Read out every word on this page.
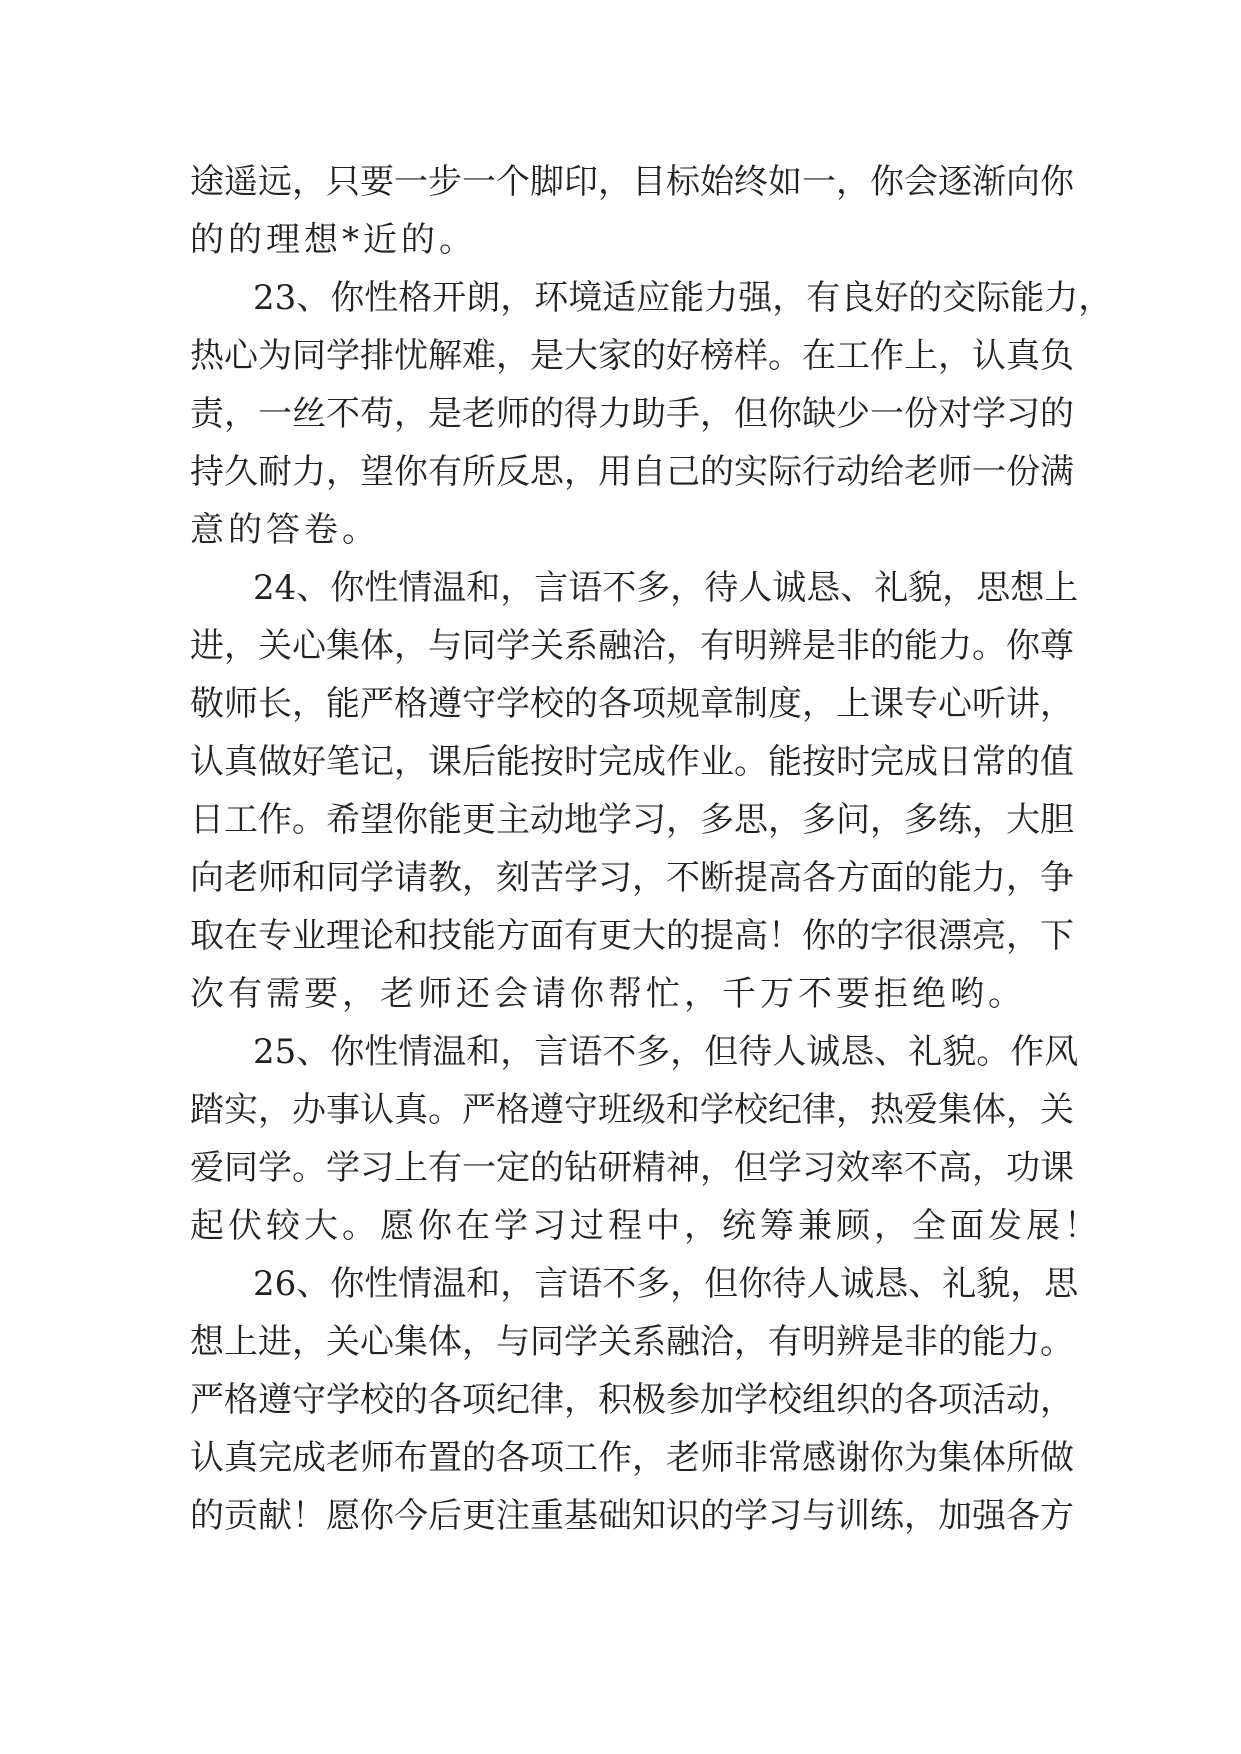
途遥远，只要一步一个脚印，目标始终如一，你会逐渐向你
的的理想*近的。
23、你性格开朗，环境适应能力强，有良好的交际能力，
热心为同学排忧解难，是大家的好榜样。在工作上，认真负
责，一丝不苟，是老师的得力助手，但你缺少一份对学习的
持久耐力，望你有所反思，用自己的实际行动给老师一份满
意的答卷。
24、你性情温和，言语不多，待人诚恳、礼貌，思想上
进，关心集体，与同学关系融洽，有明辨是非的能力。你尊
敬师长，能严格遵守学校的各项规章制度，上课专心听讲，
认真做好笔记，课后能按时完成作业。能按时完成日常的值
日工作。希望你能更主动地学习，多思，多问，多练，大胆
向老师和同学请教，刻苦学习，不断提高各方面的能力，争
取在专业理论和技能方面有更大的提高！你的字很漂亮，下
次有需要，老师还会请你帮忙，千万不要拒绝哟。
25、你性情温和，言语不多，但待人诚恳、礼貌。作风
踏实，办事认真。严格遵守班级和学校纪律，热爱集体，关
爱同学。学习上有一定的钻研精神，但学习效率不高，功课
起伏较大。愿你在学习过程中，统筹兼顾，全面发展！
26、你性情温和，言语不多，但你待人诚恳、礼貌，思
想上进，关心集体，与同学关系融洽，有明辨是非的能力。
严格遵守学校的各项纪律，积极参加学校组织的各项活动，
认真完成老师布置的各项工作，老师非常感谢你为集体所做
的贡献！愿你今后更注重基础知识的学习与训练，加强各方
